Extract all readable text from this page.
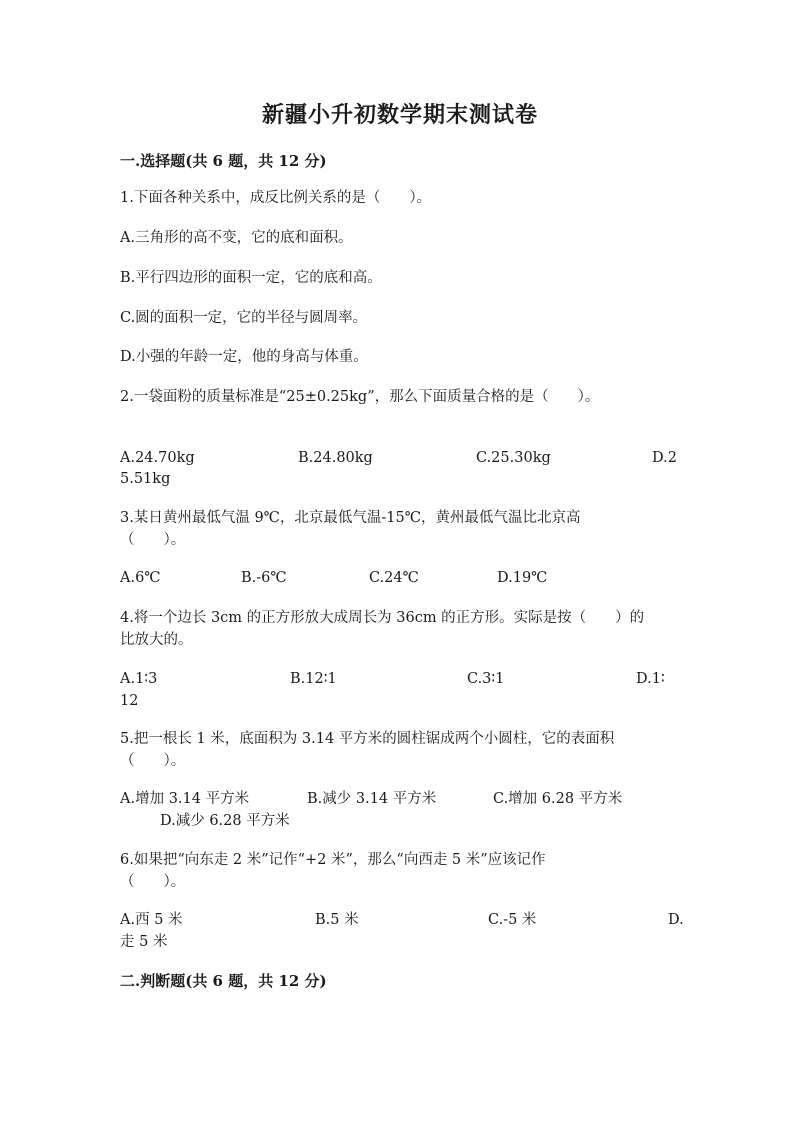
新疆小升初数学期末测试卷
一.选择题(共 6 题，共 12 分)
1.下面各种关系中，成反比例关系的是（　　）。
A.三角形的高不变，它的底和面积。
B.平行四边形的面积一定，它的底和高。
C.圆的面积一定，它的半径与圆周率。
D.小强的年龄一定，他的身高与体重。
2.一袋面粉的质量标准是“25±0.25kg”，那么下面质量合格的是（　　）。
A.24.70kg	B.24.80kg	C.25.30kg	D.2
5.51kg
3.某日黄州最低气温 9℃，北京最低气温-15℃，黄州最低气温比北京高
（　　）。
A.6℃	B.-6℃	C.24℃	D.19℃
4.将一个边长 3cm 的正方形放大成周长为 36cm 的正方形。实际是按（　　）的
比放大的。
A.1∶3	B.12∶1	C.3∶1	D.1∶
12
5.把一根长 1 米，底面积为 3.14 平方米的圆柱锯成两个小圆柱，它的表面积
（　　）。
A.增加 3.14 平方米	B.减少 3.14 平方米	C.增加 6.28 平方米
D.减少 6.28 平方米
6.如果把“向东走 2 米”记作“+2 米”，那么“向西走 5 米”应该记作
（　　）。
A.西 5 米	B.5 米	C.-5 米	D.
走 5 米
二.判断题(共 6 题，共 12 分)
